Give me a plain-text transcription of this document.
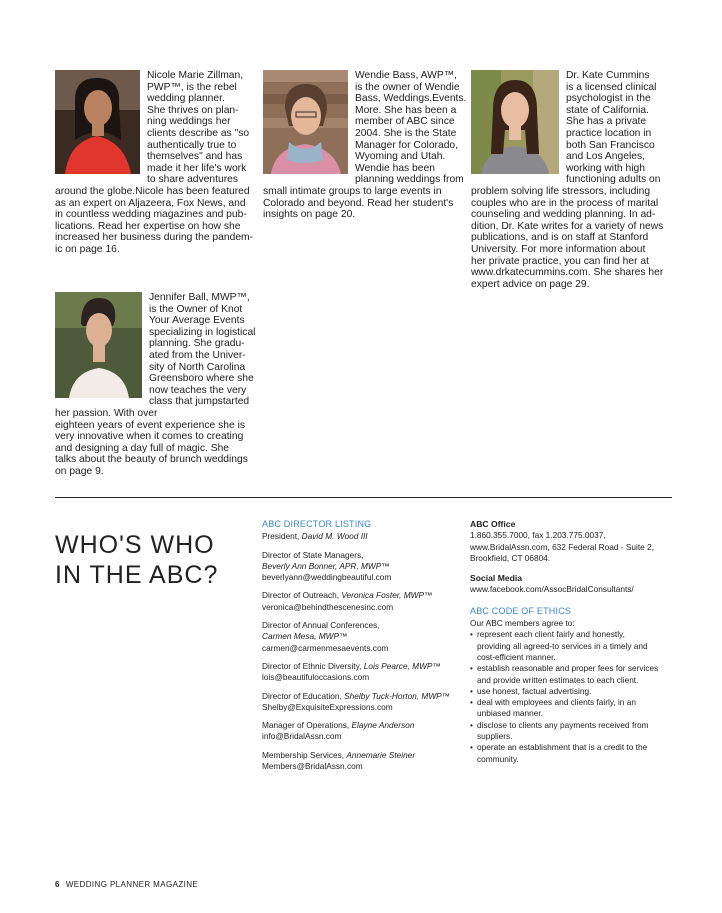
Nicole Marie Zillman,
PWP™, is the rebel
wedding planner.
She thrives on plan-
ning weddings her
clients describe as "so
authentically true to
themselves" and has
made it her life's work
to share adventures
around the globe.Nicole has been featured
as an expert on Aljazeera, Fox News, and
in countless wedding magazines and pub-
lications. Read her expertise on how she
increased her business during the pandem-
ic on page 16.

Wendie Bass, AWP™,
is the owner of Wendie
Bass, Weddings.Events.
More. She has been a
member of ABC since
2004. She is the State
Manager for Colorado,
Wyoming and Utah.
Wendie has been
planning weddings from
small intimate groups to large events in
Colorado and beyond. Read her student's
insights on page 20.

Dr. Kate Cummins
is a licensed clinical
psychologist in the
state of California.
She has a private
practice location in
both San Francisco
and Los Angeles,
working with high
functioning adults on
problem solving life stressors, including
couples who are in the process of marital
counseling and wedding planning. In ad-
dition, Dr. Kate writes for a variety of news
publications, and is on staff at Stanford
University. For more information about
her private practice, you can find her at
www.drkatecummins.com. She shares her
expert advice on page 29.

Jennifer Ball, MWP™,
is the Owner of Knot
Your Average Events
specializing in logistical
planning. She gradu-
ated from the Univer-
sity of North Carolina
Greensboro where she
now teaches the very
class that jumpstarted
her passion. With over
eighteen years of event experience she is
very innovative when it comes to creating
and designing a day full of magic. She
talks about the beauty of brunch weddings
on page 9.

WHO'S WHO
IN THE ABC?
ABC DIRECTOR LISTING
President, David M. Wood III
Director of State Managers,
Beverly Ann Bonner, APR, MWP™
beverlyann@weddingbeautiful.com
Director of Outreach, Veronica Foster, MWP™
veronica@behindthescenesinc.com
Director of Annual Conferences,
Carmen Mesa, MWP™
carmen@carmenmesaevents.com
Director of Ethnic Diversity, Lois Pearce, MWP™
lois@beautifuloccasions.com
Director of Education, Shelby Tuck-Horton, MWP™
Shelby@ExquisiteExpressions.com
Manager of Operations, Elayne Anderson
info@BridalAssn.com
Membership Services, Annemarie Steiner
Members@BridalAssn.com
ABC Office
1.860.355.7000, fax 1.203.775.0037,
www.BridalAssn.com, 632 Federal Road - Suite 2,
Brookfield, CT 06804.
Social Media
www.facebook.com/AssocBridalConsultants/
ABC CODE OF ETHICS
Our ABC members agree to:
• represent each client fairly and honestly,
providing all agreed-to services in a timely and
cost-efficient manner.
• establish reasonable and proper fees for services
and provide written estimates to each client.
• use honest, factual advertising.
• deal with employees and clients fairly, in an
unbiased manner.
• disclose to clients any payments received from
suppliers.
• operate an establishment that is a credit to the
community.
6 WEDDING PLANNER MAGAZINE
